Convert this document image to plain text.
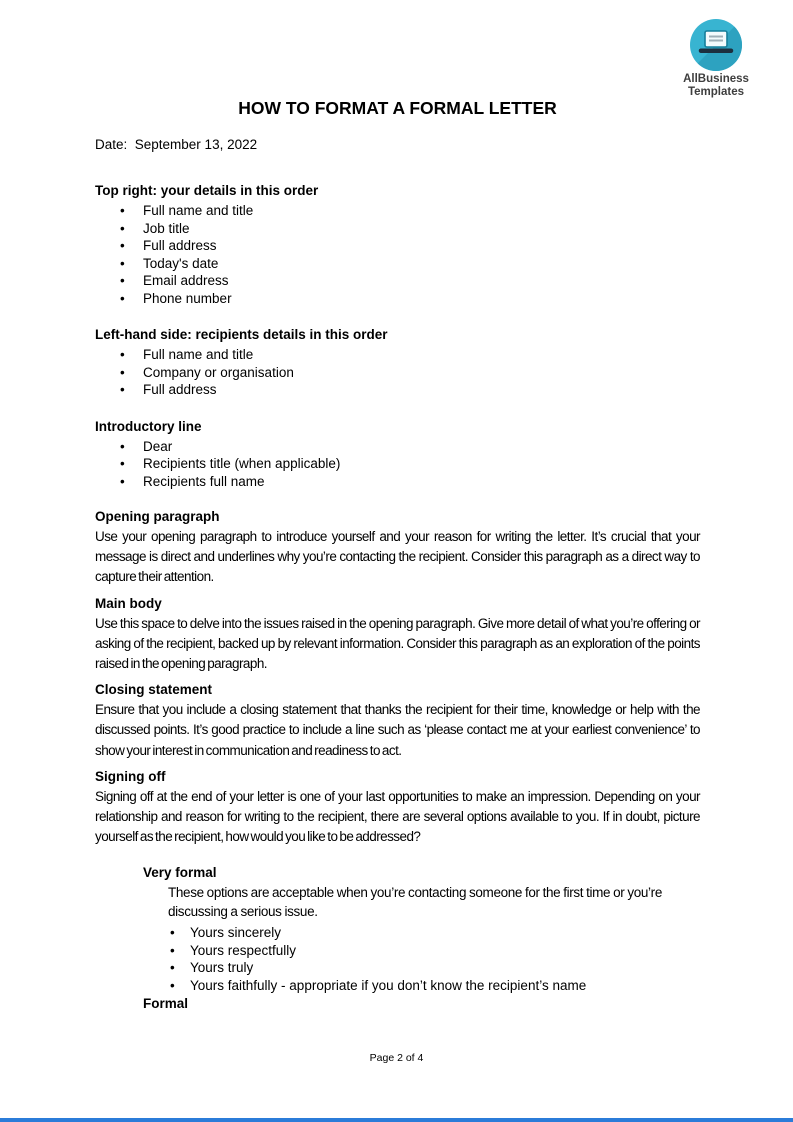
AllBusiness
Templates
HOW TO FORMAT A FORMAL LETTER
Date:  September 13, 2022
Top right: your details in this order
• Full name and title
• Job title
• Full address
• Today's date
• Email address
• Phone number
Left-hand side: recipients details in this order
• Full name and title
• Company or organisation
• Full address
Introductory line
• Dear
• Recipients title (when applicable)
• Recipients full name
Opening paragraph

Use your opening paragraph to introduce yourself and your reason for writing the letter. It’s crucial that your message is direct and underlines why you’re contacting the recipient. Consider this paragraph as a direct way to capture their attention.

Main body

Use this space to delve into the issues raised in the opening paragraph. Give more detail of what you’re offering or asking of the recipient, backed up by relevant information. Consider this paragraph as an exploration of the points raised in the opening paragraph.

Closing statement

Ensure that you include a closing statement that thanks the recipient for their time, knowledge or help with the discussed points. It’s good practice to include a line such as ‘please contact me at your earliest convenience’ to show your interest in communication and readiness to act.

Signing off

Signing off at the end of your letter is one of your last opportunities to make an impression. Depending on your relationship and reason for writing to the recipient, there are several options available to you. If in doubt, picture yourself as the recipient, how would you like to be addressed?

Very formal

These options are acceptable when you’re contacting someone for the first time or you’re discussing a serious issue.

• Yours sincerely
• Yours respectfully
• Yours truly
• Yours faithfully - appropriate if you don’t know the recipient’s name
Formal
Page 2 of 4
